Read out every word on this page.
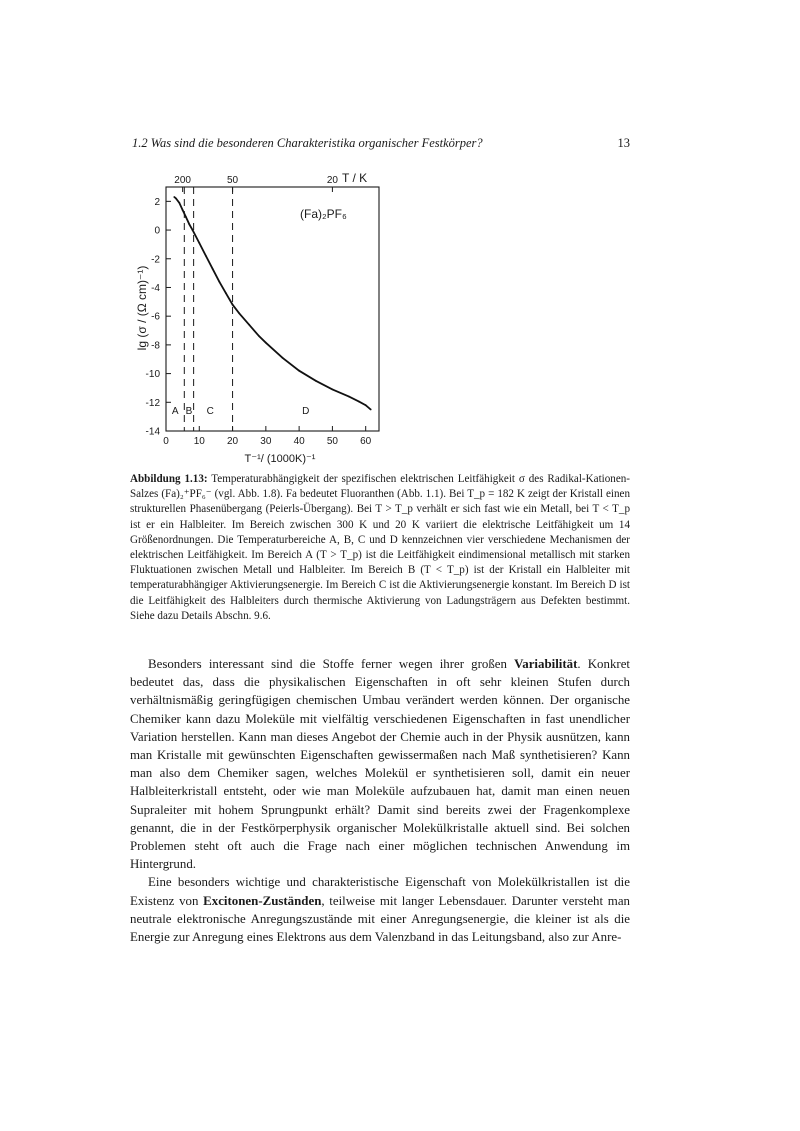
1.2 Was sind die besonderen Charakteristika organischer Festkörper?	13
T / K
lg (σ / (Ω cm)⁻¹)
T⁻¹/ (1000K)⁻¹
(Fa)₂PF₆
0 10 20 30 40 50 60
2
0
-2
-4
-6
-8
-10
-12
-14
200	50	20
A B C	D
Abbildung 1.13: Temperaturabhängigkeit der spezifischen elektrischen Leitfähigkeit σ des Radikal-Kationen-Salzes (Fa)₂⁺PF₆⁻ (vgl. Abb. 1.8). Fa bedeutet Fluoranthen (Abb. 1.1). Bei T_p = 182 K zeigt der Kristall einen strukturellen Phasenübergang (Peierls-Übergang). Bei T > T_p verhält er sich fast wie ein Metall, bei T < T_p ist er ein Halbleiter. Im Bereich zwischen 300 K und 20 K variiert die elektrische Leitfähigkeit um 14 Größenordnungen. Die Temperaturbereiche A, B, C und D kennzeichnen vier verschiedene Mechanismen der elektrischen Leitfähigkeit. Im Bereich A (T > T_p) ist die Leitfähigkeit eindimensional metallisch mit starken Fluktuationen zwischen Metall und Halbleiter. Im Bereich B (T < T_p) ist der Kristall ein Halbleiter mit temperaturabhängiger Aktivierungsenergie. Im Bereich C ist die Aktivierungsenergie konstant. Im Bereich D ist die Leitfähigkeit des Halbleiters durch thermische Aktivierung von Ladungsträgern aus Defekten bestimmt. Siehe dazu Details Abschn. 9.6.

Besonders interessant sind die Stoffe ferner wegen ihrer großen Variabilität. Konkret bedeutet das, dass die physikalischen Eigenschaften in oft sehr kleinen Stufen durch verhältnismäßig geringfügigen chemischen Umbau verändert werden können. Der organische Chemiker kann dazu Moleküle mit vielfältig verschiedenen Eigenschaften in fast unendlicher Variation herstellen. Kann man dieses Angebot der Chemie auch in der Physik ausnützen, kann man Kristalle mit gewünschten Eigenschaften gewissermaßen nach Maß synthetisieren? Kann man also dem Chemiker sagen, welches Molekül er synthetisieren soll, damit ein neuer Halbleiterkristall entsteht, oder wie man Moleküle aufzubauen hat, damit man einen neuen Supraleiter mit hohem Sprungpunkt erhält? Damit sind bereits zwei der Fragenkomplexe genannt, die in der Festkörperphysik organischer Molekülkristalle aktuell sind. Bei solchen Problemen steht oft auch die Frage nach einer möglichen technischen Anwendung im Hintergrund.

Eine besonders wichtige und charakteristische Eigenschaft von Molekülkristallen ist die Existenz von Excitonen-Zuständen, teilweise mit langer Lebensdauer. Darunter versteht man neutrale elektronische Anregungszustände mit einer Anregungsenergie, die kleiner ist als die Energie zur Anregung eines Elektrons aus dem Valenzband in das Leitungsband, also zur Anre-
